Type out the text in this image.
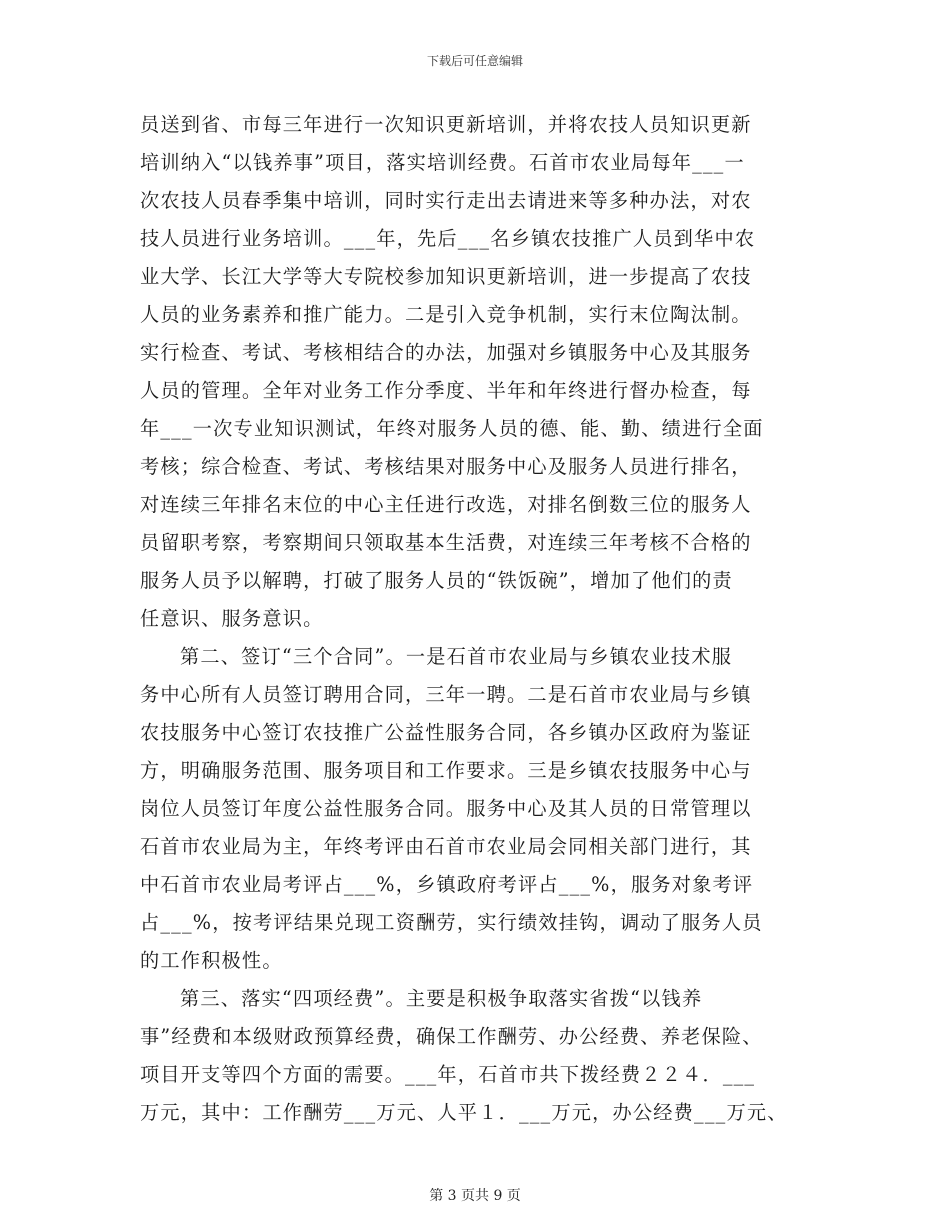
下载后可任意编辑

员送到省、市每三年进行一次知识更新培训，并将农技人员知识更新
培训纳入“以钱养事”项目，落实培训经费。石首市农业局每年___一
次农技人员春季集中培训，同时实行走出去请进来等多种办法，对农
技人员进行业务培训。___年，先后___名乡镇农技推广人员到华中农
业大学、长江大学等大专院校参加知识更新培训，进一步提高了农技
人员的业务素养和推广能力。二是引入竞争机制，实行末位陶汰制。
实行检查、考试、考核相结合的办法，加强对乡镇服务中心及其服务
人员的管理。全年对业务工作分季度、半年和年终进行督办检查，每
年___一次专业知识测试，年终对服务人员的德、能、勤、绩进行全面
考核；综合检查、考试、考核结果对服务中心及服务人员进行排名，
对连续三年排名末位的中心主任进行改选，对排名倒数三位的服务人
员留职考察，考察期间只领取基本生活费，对连续三年考核不合格的
服务人员予以解聘，打破了服务人员的“铁饭碗”，增加了他们的责
任意识、服务意识。

第二、签订“三个合同”。一是石首市农业局与乡镇农业技术服
务中心所有人员签订聘用合同，三年一聘。二是石首市农业局与乡镇
农技服务中心签订农技推广公益性服务合同，各乡镇办区政府为鉴证
方，明确服务范围、服务项目和工作要求。三是乡镇农技服务中心与
岗位人员签订年度公益性服务合同。服务中心及其人员的日常管理以
石首市农业局为主，年终考评由石首市农业局会同相关部门进行，其
中石首市农业局考评占___%，乡镇政府考评占___%，服务对象考评
占___%，按考评结果兑现工资酬劳，实行绩效挂钩，调动了服务人员
的工作积极性。

第三、落实“四项经费”。主要是积极争取落实省拨“以钱养
事”经费和本级财政预算经费，确保工作酬劳、办公经费、养老保险、
项目开支等四个方面的需要。___年，石首市共下拨经费２２４．___
万元，其中：工作酬劳___万元、人平１．___万元，办公经费___万元、

第 3 页共 9 页
